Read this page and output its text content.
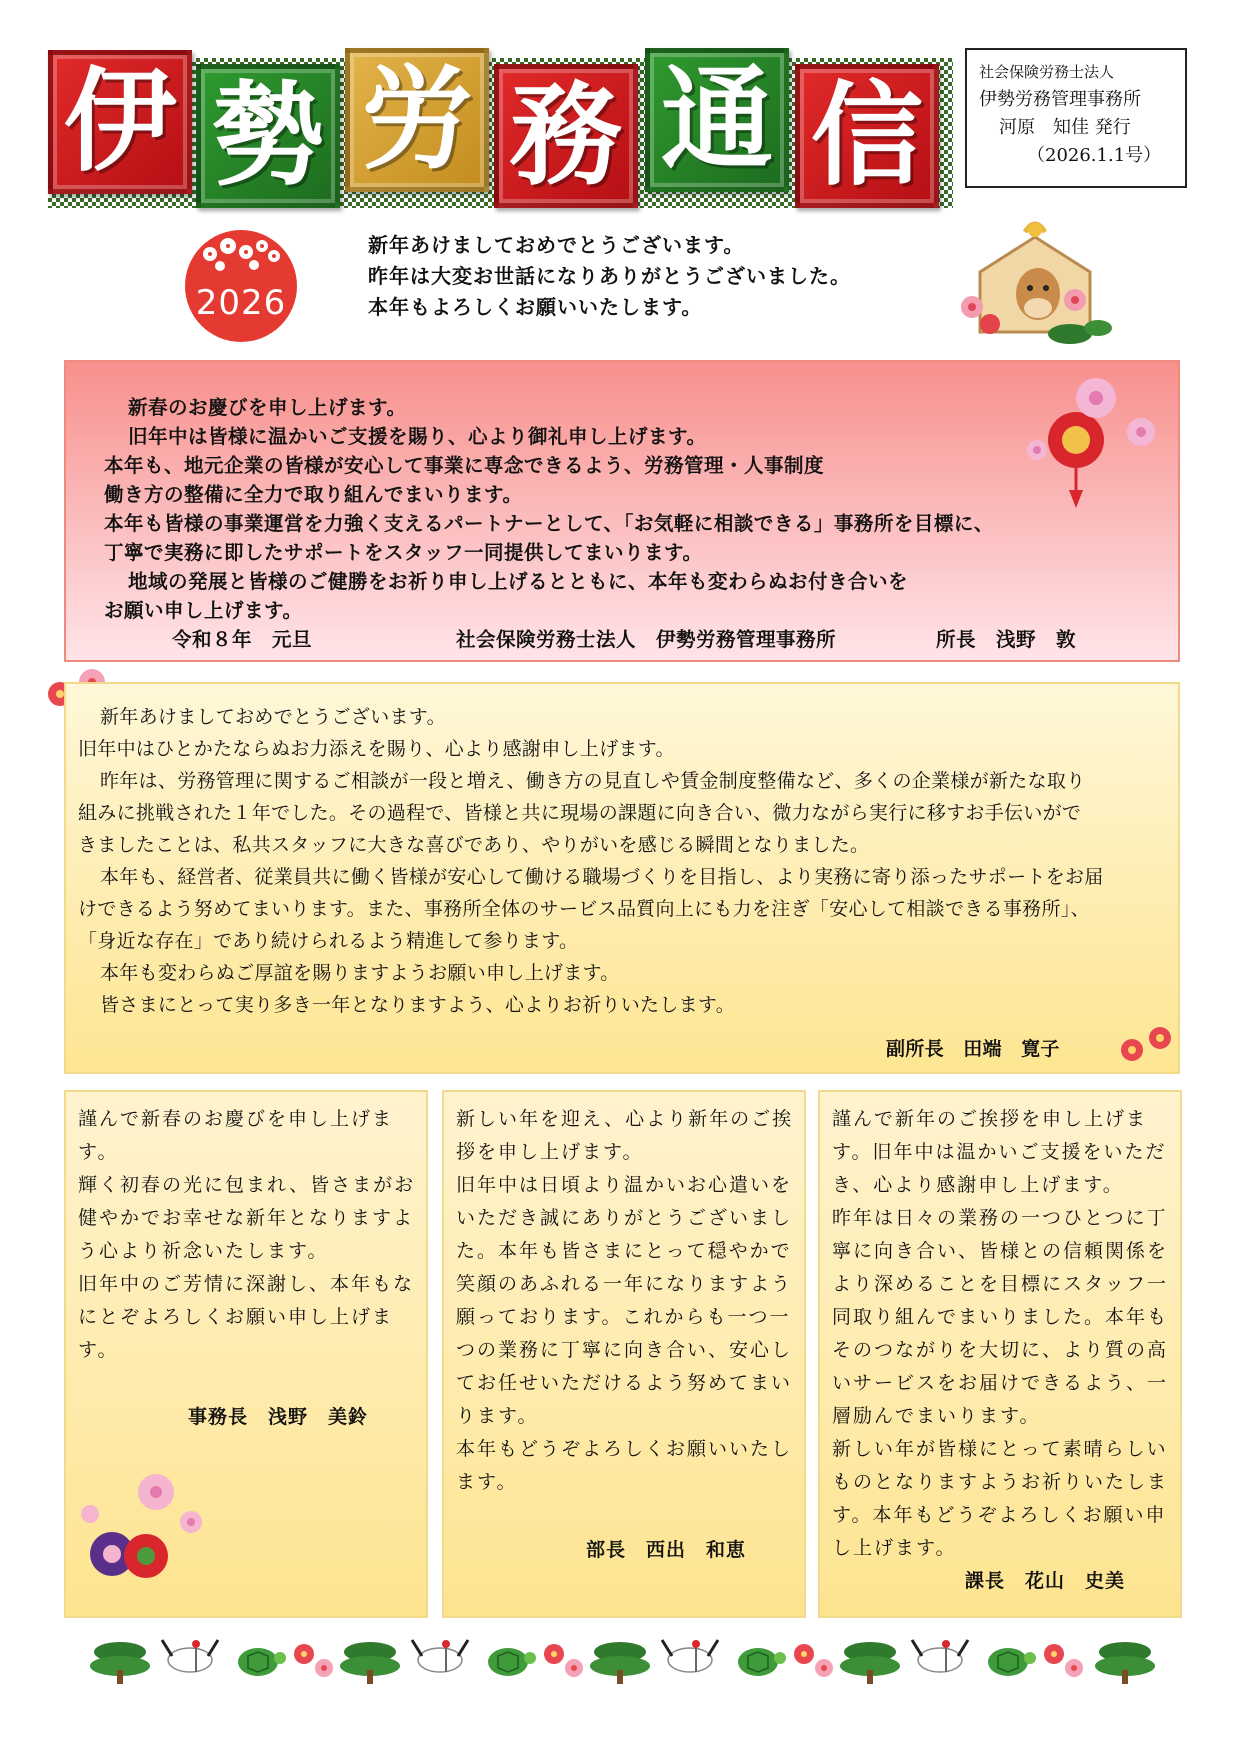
伊 勢 労 務 通 信	社会保険労務士法人
伊勢労務管理事務所
河原　知佳 発行
（2026.1.1号）
2026
新年あけましておめでとうございます。
昨年は大変お世話になりありがとうございました。
本年もよろしくお願いいたします。
新春のお慶びを申し上げます。
旧年中は皆様に温かいご支援を賜り、心より御礼申し上げます。
本年も、地元企業の皆様が安心して事業に専念できるよう、労務管理・人事制度
働き方の整備に全力で取り組んでまいります。
本年も皆様の事業運営を力強く支えるパートナーとして、「お気軽に相談できる」事務所を目標に、
丁寧で実務に即したサポートをスタッフ一同提供してまいります。
地域の発展と皆様のご健勝をお祈り申し上げるとともに、本年も変わらぬお付き合いを
お願い申し上げます。
令和８年　元旦	社会保険労務士法人　伊勢労務管理事務所	所長　浅野　敦
新年あけましておめでとうございます。
旧年中はひとかたならぬお力添えを賜り、心より感謝申し上げます。
昨年は、労務管理に関するご相談が一段と増え、働き方の見直しや賃金制度整備など、多くの企業様が新たな取り
組みに挑戦された１年でした。その過程で、皆様と共に現場の課題に向き合い、微力ながら実行に移すお手伝いがで
きましたことは、私共スタッフに大きな喜びであり、やりがいを感じる瞬間となりました。
本年も、経営者、従業員共に働く皆様が安心して働ける職場づくりを目指し、より実務に寄り添ったサポートをお届
けできるよう努めてまいります。また、事務所全体のサービス品質向上にも力を注ぎ「安心して相談できる事務所」、
「身近な存在」であり続けられるよう精進して参ります。
本年も変わらぬご厚誼を賜りますようお願い申し上げます。
皆さまにとって実り多き一年となりますよう、心よりお祈りいたします。
副所長　田端　寛子
謹んで新春のお慶びを申し上げま
す。
輝く初春の光に包まれ、皆さまがお
健やかでお幸せな新年となりますよ
う心より祈念いたします。
旧年中のご芳情に深謝し、本年もな
にとぞよろしくお願い申し上げま
す。
事務長　浅野　美鈴
新しい年を迎え、心より新年のご挨
拶を申し上げます。
旧年中は日頃より温かいお心遣いを
いただき誠にありがとうございまし
た。本年も皆さまにとって穏やかで
笑顔のあふれる一年になりますよう
願っております。これからも一つ一
つの業務に丁寧に向き合い、安心し
てお任せいただけるよう努めてまい
ります。
本年もどうぞよろしくお願いいたし
ます。
部長　西出　和恵
謹んで新年のご挨拶を申し上げま
す。旧年中は温かいご支援をいただ
き、心より感謝申し上げます。
昨年は日々の業務の一つひとつに丁
寧に向き合い、皆様との信頼関係を
より深めることを目標にスタッフ一
同取り組んでまいりました。本年も
そのつながりを大切に、より質の高
いサービスをお届けできるよう、一
層励んでまいります。
新しい年が皆様にとって素晴らしい
ものとなりますようお祈りいたしま
す。本年もどうぞよろしくお願い申
し上げます。
課長　花山　史美
